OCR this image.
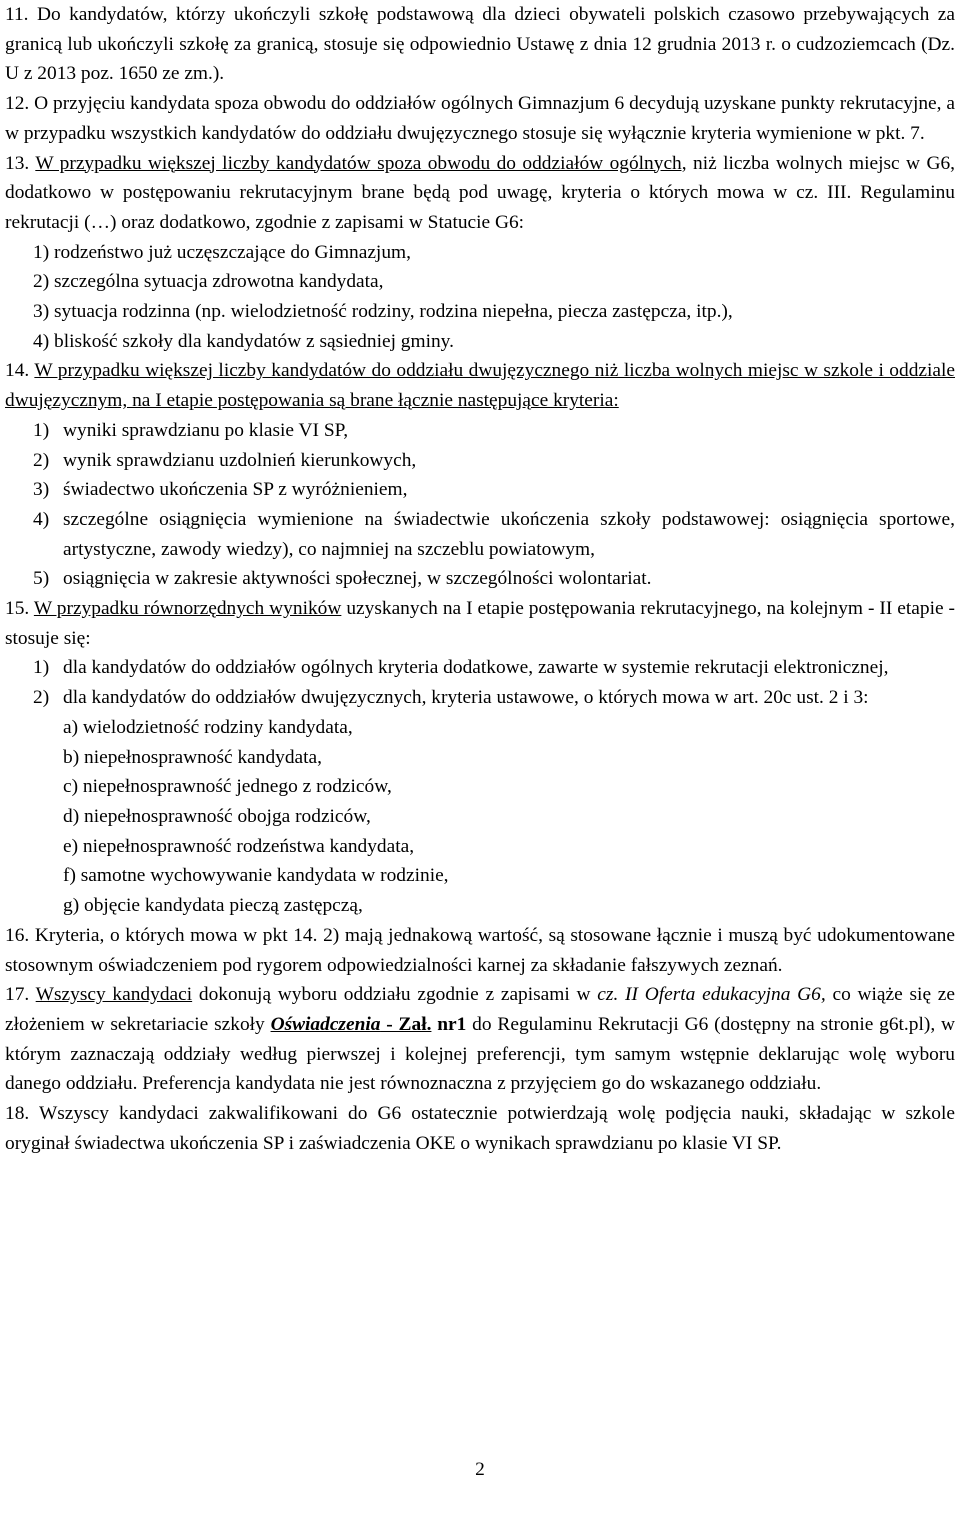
11. Do kandydatów, którzy ukończyli szkołę podstawową dla dzieci obywateli polskich czasowo przebywających za granicą lub ukończyli szkołę za granicą, stosuje się odpowiednio Ustawę z dnia 12 grudnia 2013 r. o cudzoziemcach (Dz. U z 2013 poz. 1650 ze zm.).

12. O przyjęciu kandydata spoza obwodu do oddziałów ogólnych Gimnazjum 6 decydują uzyskane punkty rekrutacyjne, a w przypadku wszystkich kandydatów do oddziału dwujęzycznego stosuje się wyłącznie kryteria wymienione w pkt. 7.

13. W przypadku większej liczby kandydatów spoza obwodu do oddziałów ogólnych, niż liczba wolnych miejsc w G6, dodatkowo w postępowaniu rekrutacyjnym brane będą pod uwagę, kryteria o których mowa w cz. III. Regulaminu rekrutacji (…) oraz dodatkowo, zgodnie z zapisami w Statucie G6:

1) rodzeństwo już uczęszczające do Gimnazjum,

2) szczególna sytuacja zdrowotna kandydata,

3) sytuacja rodzinna (np. wielodzietność rodziny, rodzina niepełna, piecza zastępcza, itp.),

4) bliskość szkoły dla kandydatów z sąsiedniej gminy.

14. W przypadku większej liczby kandydatów do oddziału dwujęzycznego niż liczba wolnych miejsc w szkole i oddziale dwujęzycznym, na I etapie postępowania są brane łącznie następujące kryteria:

1) wyniki sprawdzianu po klasie VI SP,
2) wynik sprawdzianu uzdolnień kierunkowych,
3) świadectwo ukończenia SP z wyróżnieniem,
4) szczególne osiągnięcia wymienione na świadectwie ukończenia szkoły podstawowej: osiągnięcia sportowe, artystyczne, zawody wiedzy), co najmniej na szczeblu powiatowym,
5) osiągnięcia w zakresie aktywności społecznej, w szczególności wolontariat.

15. W przypadku równorzędnych wyników uzyskanych na I etapie postępowania rekrutacyjnego, na kolejnym - II etapie - stosuje się:

1) dla kandydatów do oddziałów ogólnych kryteria dodatkowe, zawarte w systemie rekrutacji elektronicznej,
2) dla kandydatów do oddziałów dwujęzycznych, kryteria ustawowe, o których mowa w art. 20c ust. 2 i 3:

a) wielodzietność rodziny kandydata,

b) niepełnosprawność kandydata,

c) niepełnosprawność jednego z rodziców,

d) niepełnosprawność obojga rodziców,

e) niepełnosprawność rodzeństwa kandydata,

f) samotne wychowywanie kandydata w rodzinie,

g) objęcie kandydata pieczą zastępczą,

16. Kryteria, o których mowa w pkt 14. 2) mają jednakową wartość, są stosowane łącznie i muszą być udokumentowane stosownym oświadczeniem pod rygorem odpowiedzialności karnej za składanie fałszywych zeznań.

17. Wszyscy kandydaci dokonują wyboru oddziału zgodnie z zapisami w cz. II Oferta edukacyjna G6, co wiąże się ze złożeniem w sekretariacie szkoły Oświadczenia - Zał. nr1 do Regulaminu Rekrutacji G6 (dostępny na stronie g6t.pl), w którym zaznaczają oddziały według pierwszej i kolejnej preferencji, tym samym wstępnie deklarując wolę wyboru danego oddziału. Preferencja kandydata nie jest równoznaczna z przyjęciem go do wskazanego oddziału.

18. Wszyscy kandydaci zakwalifikowani do G6 ostatecznie potwierdzają wolę podjęcia nauki, składając w szkole oryginał świadectwa ukończenia SP i zaświadczenia OKE o wynikach sprawdzianu po klasie VI SP.

2
